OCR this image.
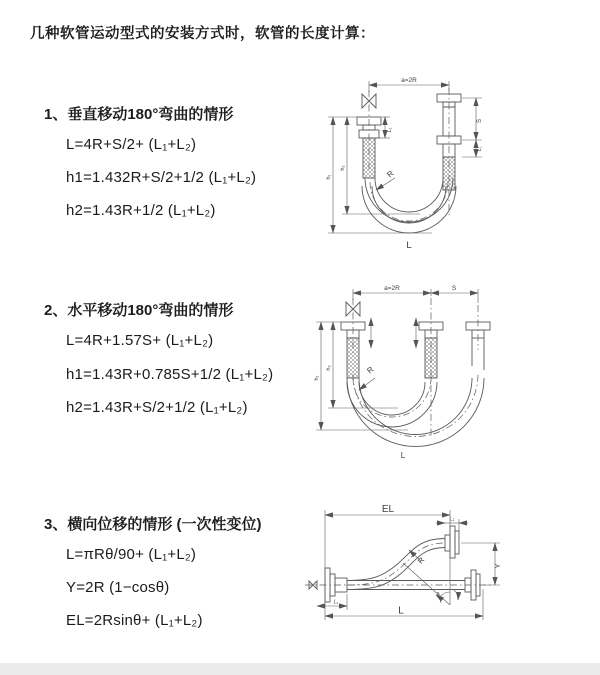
几种软管运动型式的安装方式时，软管的长度计算：
1、垂直移动180°弯曲的情形
L=4R+S/2+ (L₁+L₂)
h1=1.432R+S/2+1/2 (L₁+L₂)
h2=1.43R+1/2 (L₁+L₂)
2、水平移动180°弯曲的情形
L=4R+1.57S+ (L₁+L₂)
h1=1.43R+0.785S+1/2 (L₁+L₂)
h2=1.43R+S/2+1/2 (L₁+L₂)
3、横向位移的情形 (一次性变位)
L=πRθ/90+ (L₁+L₂)
Y=2R (1−cosθ)
EL=2Rsinθ+ (L₁+L₂)
a=2R
L₁
S
L₁
h₁
h₂
R
L
a=2R	S
h₁
h₂	R
L
EL
L₁
Y
R
θ
L
L₂
